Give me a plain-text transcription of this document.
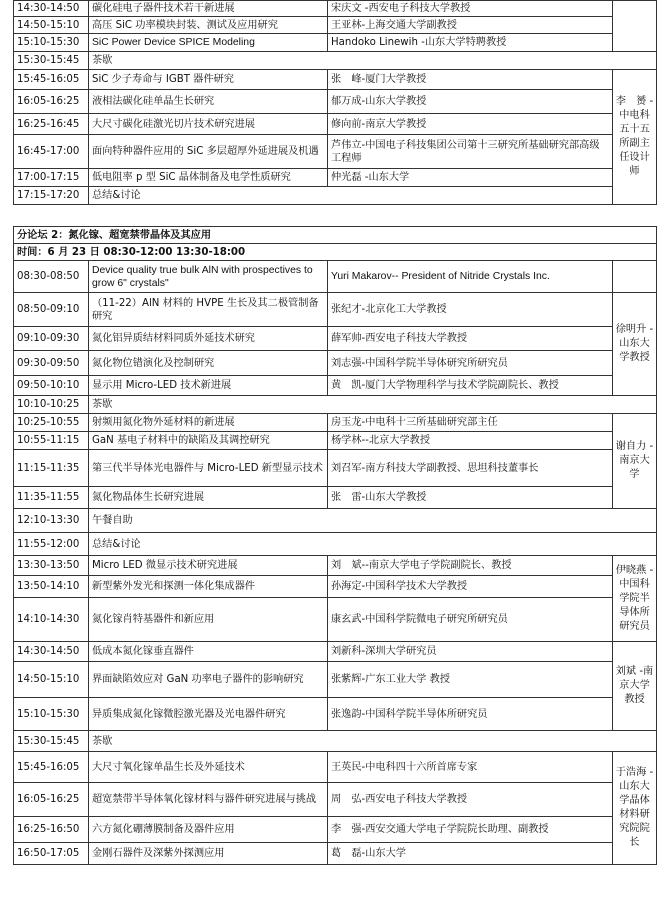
14:30-14:50	碳化硅电子器件技术若干新进展	宋庆文 -西安电子科技大学教授	
14:50-15:10	高压 SiC 功率模块封装、测试及应用研究	王亚林-上海交通大学副教授	
15:10-15:30	SiC Power Device SPICE Modeling	Handoko Linewih -山东大学特聘教授	
15:30-15:45	茶歇		
15:45-16:05	SiC 少子寿命与 IGBT 器件研究	张　峰-厦门大学教授	李　赟 -中电科五十五所副主任设计师
16:05-16:25	液相法碳化硅单晶生长研究	郁万成-山东大学教授	
16:25-16:45	大尺寸碳化硅激光切片技术研究进展	修向前-南京大学教授	
16:45-17:00	面向特种器件应用的 SiC 多层超厚外延进展及机遇	芦伟立-中国电子科技集团公司第十三研究所基础研究部高级工程师	
17:00-17:15	低电阻率 p 型 SiC 晶体制备及电学性质研究	仲光磊 -山东大学	
17:15-17:20	总结&讨论		
分论坛 2：氮化镓、超宽禁带晶体及其应用			
时间：6 月 23 日 08:30-12:00 13:30-18:00			
08:30-08:50	Device quality true bulk AlN with prospectives to grow 6" crystals"	Yuri Makarov-- President of Nitride Crystals Inc.	
08:50-09:10	（11-22）AlN 材料的 HVPE 生长及其二极管制备研究	张纪才-北京化工大学教授	徐明升 -山东大学教授
09:10-09:30	氮化铝异质结材料同质外延技术研究	薛军帅-西安电子科技大学教授	
09:30-09:50	氮化物位错演化及控制研究	刘志强-中国科学院半导体研究所研究员	
09:50-10:10	显示用 Micro-LED 技术新进展	黄　凯-厦门大学物理科学与技术学院副院长、教授	
10:10-10:25	茶歇		
10:25-10:55	射频用氮化物外延材料的新进展	房玉龙-中电科十三所基础研究部主任	谢自力 -南京大学
10:55-11:15	GaN 基电子材料中的缺陷及其调控研究	杨学林--北京大学教授	
11:15-11:35	第三代半导体光电器件与 Micro-LED 新型显示技术	刘召军-南方科技大学副教授、思坦科技董事长	
11:35-11:55	氮化物晶体生长研究进展	张　雷-山东大学教授	
12:10-13:30	午餐自助		
11:55-12:00	总结&讨论		
13:30-13:50	Micro LED 微显示技术研究进展	刘　斌--南京大学电子学院副院长、教授	伊晓燕 -中国科学院半导体所研究员
13:50-14:10	新型紫外发光和探测一体化集成器件	孙海定-中国科学技术大学教授	
14:10-14:30	氮化镓肖特基器件和新应用	康玄武-中国科学院微电子研究所研究员	
14:30-14:50	低成本氮化镓垂直器件	刘新科-深圳大学研究员	刘斌 -南京大学教授
14:50-15:10	界面缺陷效应对 GaN 功率电子器件的影响研究	张紫辉-广东工业大学 教授	
15:10-15:30	异质集成氮化镓微腔激光器及光电器件研究	张逸韵-中国科学院半导体所研究员	
15:30-15:45	茶歇		
15:45-16:05	大尺寸氧化镓单晶生长及外延技术	王英民-中电科四十六所首席专家	于浩海 -山东大学晶体材料研究院院长
16:05-16:25	超宽禁带半导体氧化镓材料与器件研究进展与挑战	周　弘-西安电子科技大学教授	
16:25-16:50	六方氮化硼薄膜制备及器件应用	李　强-西安交通大学电子学院院长助理、副教授	
16:50-17:05	金刚石器件及深紫外探测应用	葛　磊-山东大学	
